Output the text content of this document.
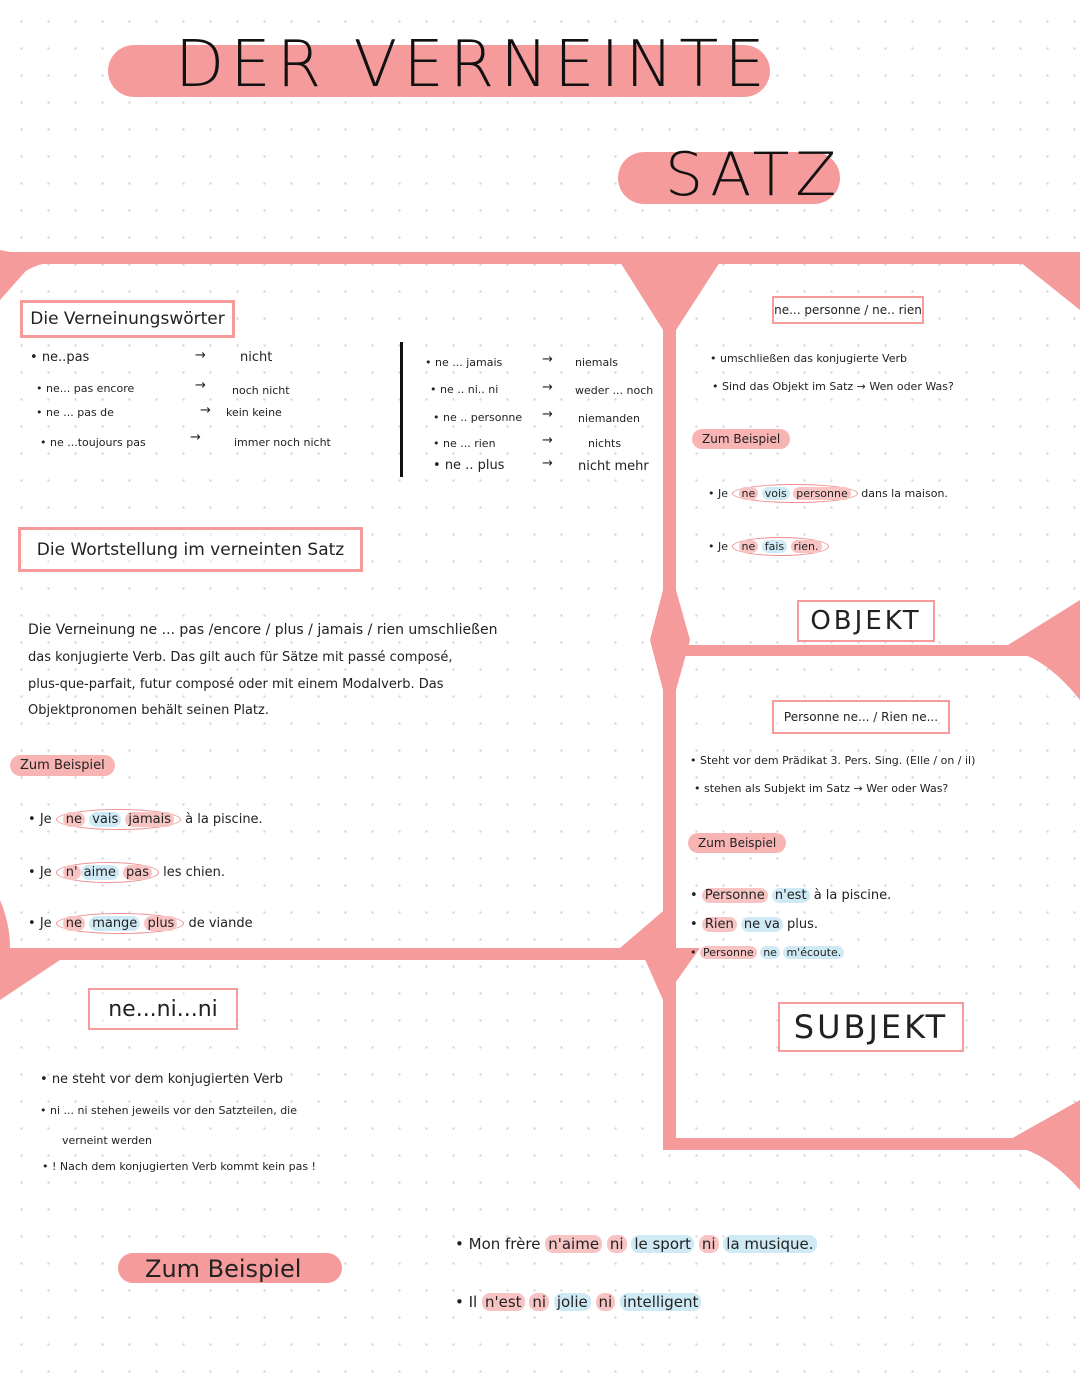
DER VERNEINTE
SATZ
Die Verneinungswörter
• ne..pas	→	nicht
• ne... pas encore	→ noch nicht
• ne ... pas de	→ kein keine
• ne ...toujours pas	→	immer noch nicht
• ne ... jamais	→ niemals
• ne .. ni.. ni	→ weder ... noch
• ne .. personne → niemanden
• ne ... rien	→	nichts
• ne .. plus	→ nicht mehr
Die Wortstellung im verneinten Satz
Die Verneinung ne ... pas /encore / plus / jamais / rien umschließen
das konjugierte Verb. Das gilt auch für Sätze mit passé composé,
plus-que-parfait, futur composé oder mit einem Modalverb. Das
Objektpronomen behält seinen Platz.
Zum Beispiel
• Je ne vais jamais à la piscine.
• Je n' aime pas les chien.
• Je ne mange plus de viande
ne... personne / ne.. rien
• umschließen das konjugierte Verb
• Sind das Objekt im Satz → Wen oder Was?
Zum Beispiel
• Je ne vois personne dans la maison.
• Je ne fais rien.
OBJEKT
Personne ne... / Rien ne...
• Steht vor dem Prädikat 3. Pers. Sing. (Elle / on / il)
• stehen als Subjekt im Satz → Wer oder Was?
Zum Beispiel
• Personne n'est à la piscine.
• Rien ne va plus.
• Personne ne m'écoute.
SUBJEKT
ne...ni...ni
• ne steht vor dem konjugierten Verb
• ni ... ni stehen jeweils vor den Satzteilen, die
verneint werden
• ! Nach dem konjugierten Verb kommt kein pas !
Zum Beispiel
• Mon frère n'aime ni le sport ni la musique.
• Il n'est ni jolie ni intelligent
